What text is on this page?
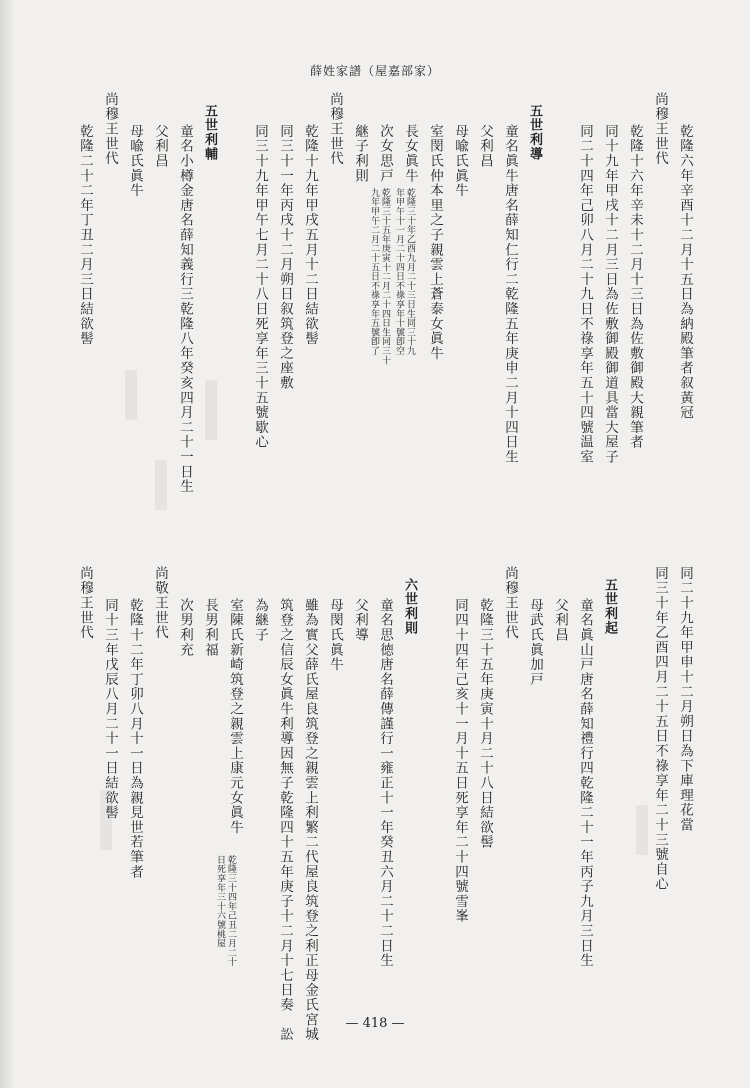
薛姓家譜（屋嘉部家）
尚穆王世代 乾隆六年辛酉十二月十五日為納殿筆者叙黃冠
乾隆十六年辛未十二月十三日為佐敷御殿大親筆者
同十九年甲戌十二月三日為佐敷御殿御道具當大屋子
同二十四年己卯八月二十九日不祿享年五十四號温室
五世利導
童名眞牛唐名薛知仁行二乾隆五年庚申二月十四日生
父利昌
母喩氏眞牛
室閔氏仲本里之子親雲上蒼泰女眞牛
長女眞牛
乾隆三十年乙酉九月二十三日生同三十九
年甲午十一月二十四日不祿享年十號卽空
次女思戸
乾隆三十五年庚寅十二月二十四日生同三十
九年甲午二月二十五日不祿享年五號卽了
継子利則
尚穆王世代
乾隆十九年甲戌五月十二日結欲髻
同三十一年丙戌十二月朔日叙筑登之座敷
同三十九年甲午七月二十八日死享年三十五號歇心
五世利輔
童名小樽金唐名薛知義行三乾隆八年癸亥四月二十一日生
父利昌
母喩氏眞牛
尚穆王世代
乾隆二十二年丁丑二月三日結欲髻
同二十九年甲申十二月朔日為下庫理花當
同三十年乙酉四月二十五日不祿享年二十三號自心
五世利起
童名眞山戸唐名薛知禮行四乾隆二十一年丙子九月三日生
父利昌
母武氏眞加戸
尚穆王世代
乾隆三十五年庚寅十月二十八日結欲髻
同四十四年己亥十一月十五日死享年二十四號雪峯
六世利則
童名思徳唐名薛傳謹行一雍正十一年癸丑六月二十二日生
父利導
母閔氏眞牛
雖為實父薛氏屋良筑登之親雲上利繁二代屋良筑登之利正母金氏宮城
筑登之信辰女眞牛利導因無子乾隆四十五年庚子十二月十七日奏　訟
為継子
室陳氏新崎筑登之親雲上康元女眞牛
乾隆三十四年己丑二月二十
日死享年三十六號桃屋
長男利福
次男利充
尚敬王世代
乾隆十二年丁卯八月十一日為親見世若筆者
同十三年戊辰八月二十一日結欲髻
尚穆王世代
— 418 —
